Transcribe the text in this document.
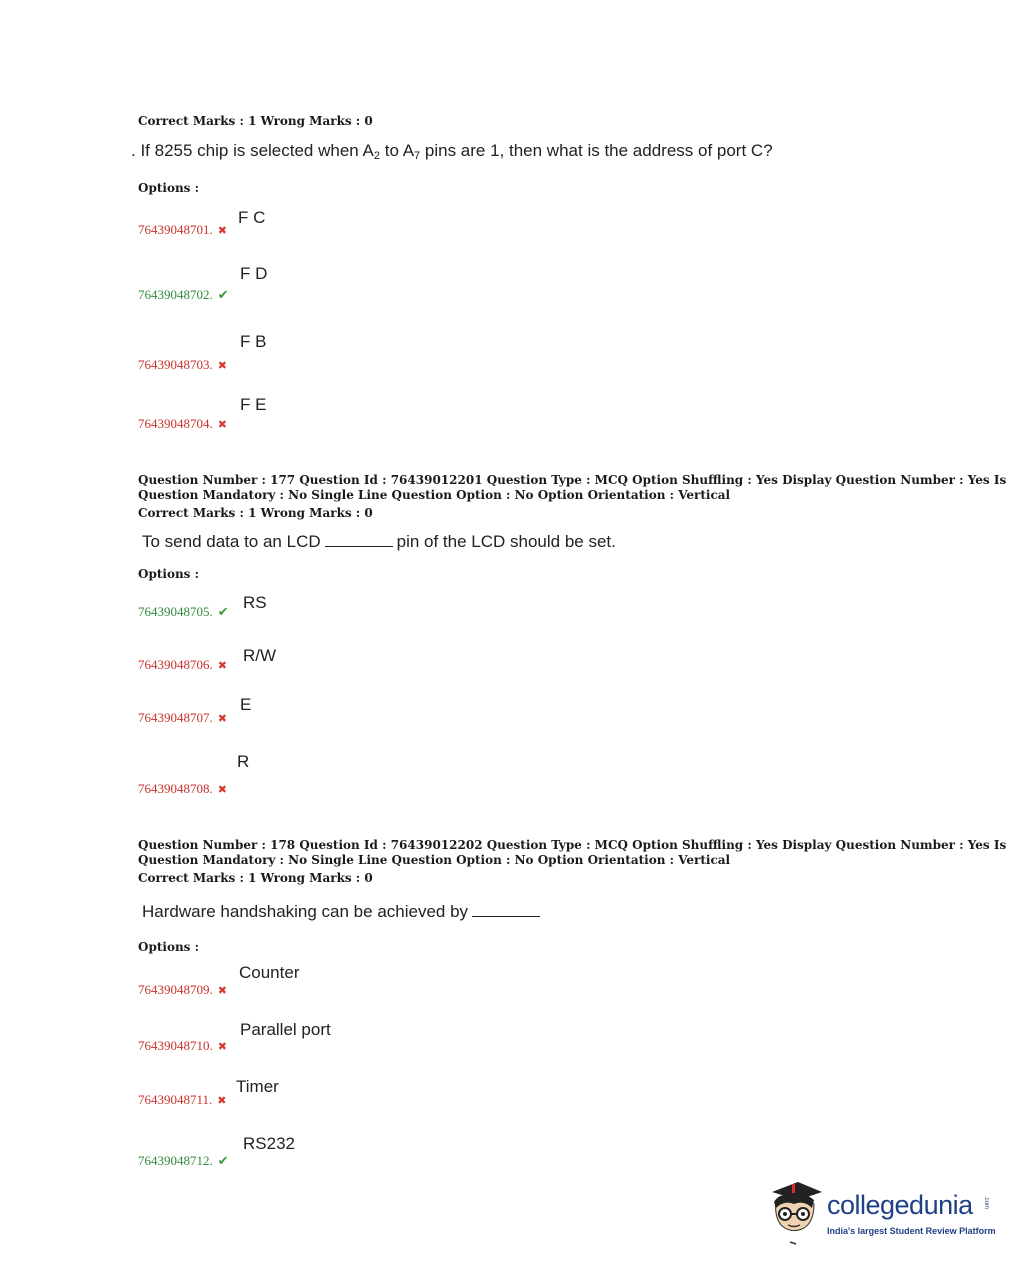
Correct Marks : 1 Wrong Marks : 0
. If 8255 chip is selected when $A_2$ to $A_7$ pins are 1, then what is the address of port C?
Options :
F C
76439048701. ✖
F D
76439048702. ✔
F B
76439048703. ✖
F E
76439048704. ✖
Question Number : 177 Question Id : 76439012201 Question Type : MCQ Option Shuffling : Yes Display Question Number : Yes Is
Question Mandatory : No Single Line Question Option : No Option Orientation : Vertical
Correct Marks : 1 Wrong Marks : 0
To send data to an LCD	pin of the LCD should be set.
Options :
RS
76439048705. ✔
R/W
76439048706. ✖
E
76439048707. ✖
R
76439048708. ✖
Question Number : 178 Question Id : 76439012202 Question Type : MCQ Option Shuffling : Yes Display Question Number : Yes Is
Question Mandatory : No Single Line Question Option : No Option Orientation : Vertical
Correct Marks : 1 Wrong Marks : 0
Hardware handshaking can be achieved by
Options :
Counter
76439048709. ✖
Parallel port
76439048710. ✖
Timer
76439048711. ✖
RS232
76439048712. ✔
collegedunia .com
India's largest Student Review Platform
